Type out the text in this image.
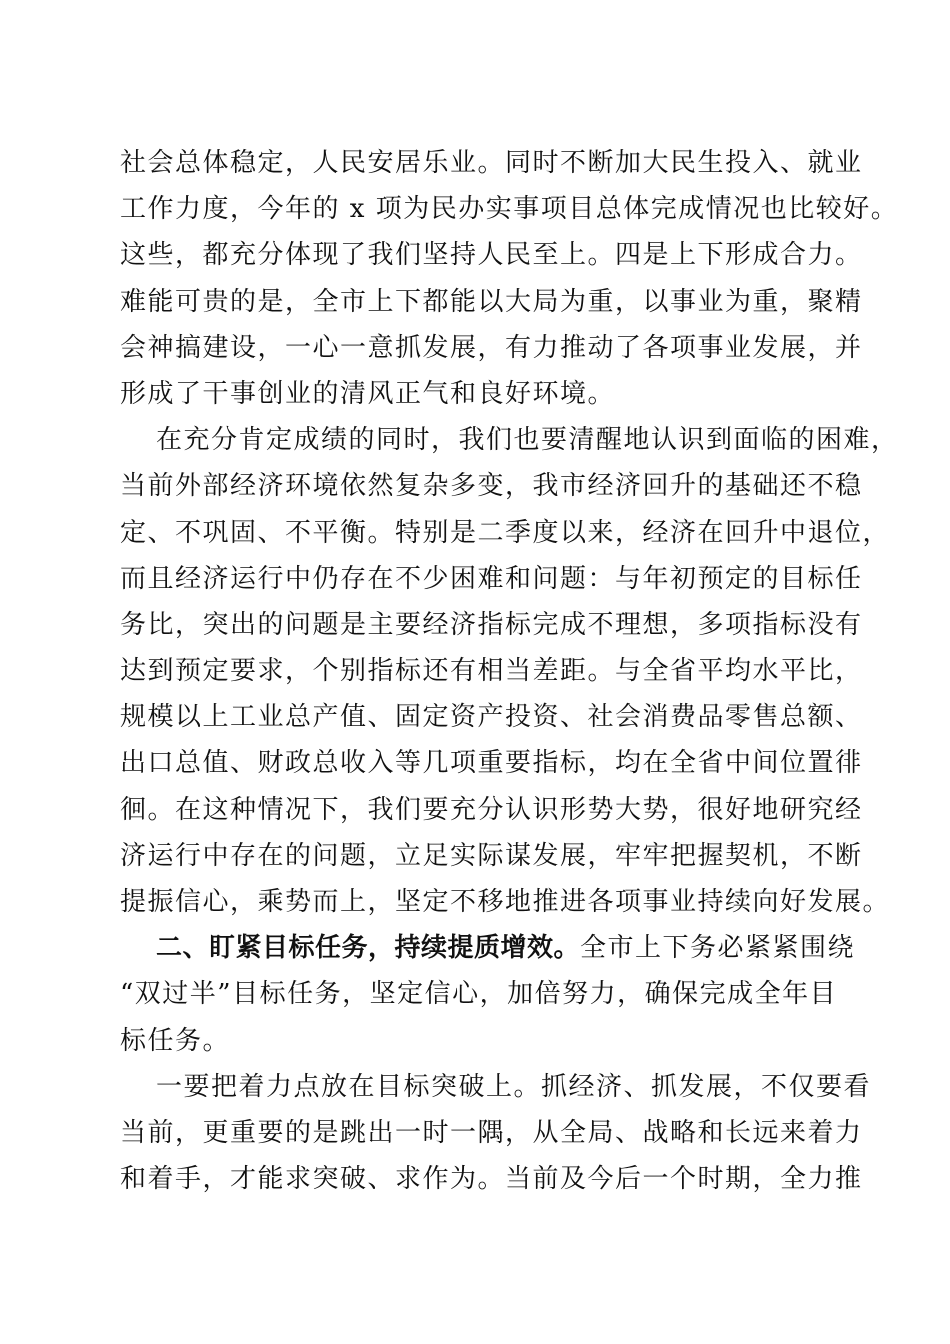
社会总体稳定，人民安居乐业。同时不断加大民生投入、就业
工作力度，今年的 x 项为民办实事项目总体完成情况也比较好。
这些，都充分体现了我们坚持人民至上。四是上下形成合力。
难能可贵的是，全市上下都能以大局为重，以事业为重，聚精
会神搞建设，一心一意抓发展，有力推动了各项事业发展，并
形成了干事创业的清风正气和良好环境。
在充分肯定成绩的同时，我们也要清醒地认识到面临的困难，
当前外部经济环境依然复杂多变，我市经济回升的基础还不稳
定、不巩固、不平衡。特别是二季度以来，经济在回升中退位，
而且经济运行中仍存在不少困难和问题：与年初预定的目标任
务比，突出的问题是主要经济指标完成不理想，多项指标没有
达到预定要求，个别指标还有相当差距。与全省平均水平比，
规模以上工业总产值、固定资产投资、社会消费品零售总额、
出口总值、财政总收入等几项重要指标，均在全省中间位置徘
徊。在这种情况下，我们要充分认识形势大势，很好地研究经
济运行中存在的问题，立足实际谋发展，牢牢把握契机，不断
提振信心，乘势而上，坚定不移地推进各项事业持续向好发展。
二、盯紧目标任务，持续提质增效。全市上下务必紧紧围绕
“双过半”目标任务，坚定信心，加倍努力，确保完成全年目
标任务。
一要把着力点放在目标突破上。抓经济、抓发展，不仅要看
当前，更重要的是跳出一时一隅，从全局、战略和长远来着力
和着手，才能求突破、求作为。当前及今后一个时期，全力推
